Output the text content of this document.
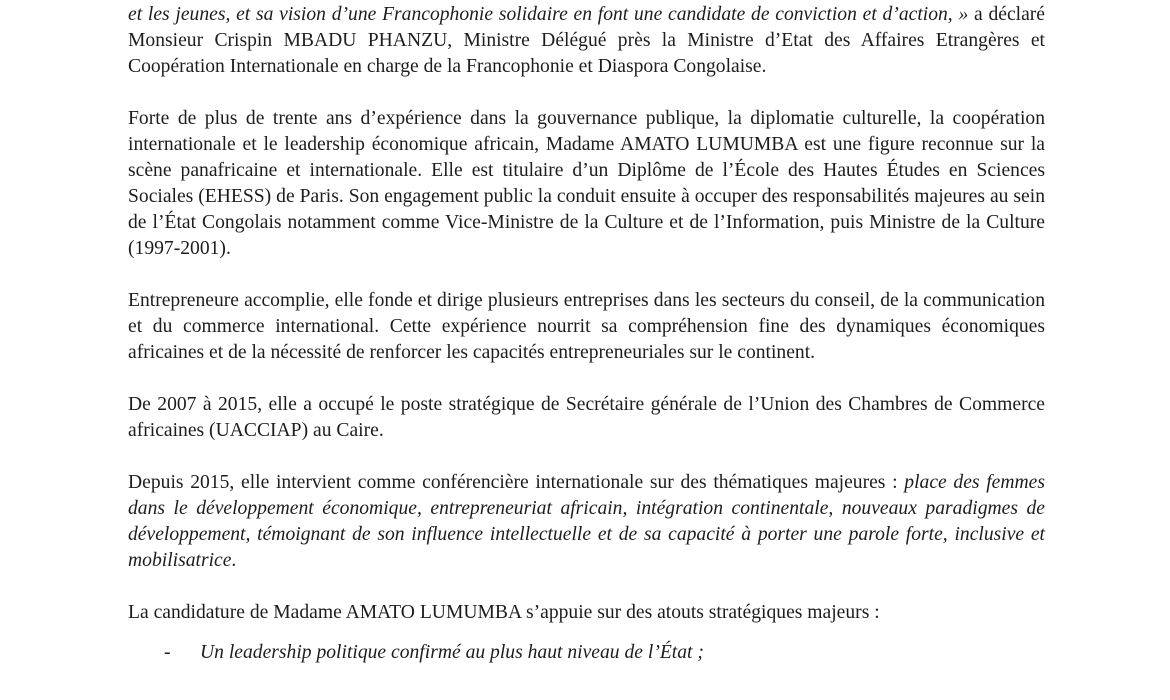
et les jeunes, et sa vision d’une Francophonie solidaire en font une candidate de conviction et d’action, » a déclaré Monsieur Crispin MBADU PHANZU, Ministre Délégué près la Ministre d’Etat des Affaires Etrangères et Coopération Internationale en charge de la Francophonie et Diaspora Congolaise.

Forte de plus de trente ans d’expérience dans la gouvernance publique, la diplomatie culturelle, la coopération internationale et le leadership économique africain, Madame AMATO LUMUMBA est une figure reconnue sur la scène panafricaine et internationale. Elle est titulaire d’un Diplôme de l’École des Hautes Études en Sciences Sociales (EHESS) de Paris. Son engagement public la conduit ensuite à occuper des responsabilités majeures au sein de l’État Congolais notamment comme Vice-Ministre de la Culture et de l’Information, puis Ministre de la Culture (1997-2001).

Entrepreneure accomplie, elle fonde et dirige plusieurs entreprises dans les secteurs du conseil, de la communication et du commerce international. Cette expérience nourrit sa compréhension fine des dynamiques économiques africaines et de la nécessité de renforcer les capacités entrepreneuriales sur le continent.

De 2007 à 2015, elle a occupé le poste stratégique de Secrétaire générale de l’Union des Chambres de Commerce africaines (UACCIAP) au Caire.

Depuis 2015, elle intervient comme conférencière internationale sur des thématiques majeures : place des femmes dans le développement économique, entrepreneuriat africain, intégration continentale, nouveaux paradigmes de développement, témoignant de son influence intellectuelle et de sa capacité à porter une parole forte, inclusive et mobilisatrice.

La candidature de Madame AMATO LUMUMBA s’appuie sur des atouts stratégiques majeurs :

- Un leadership politique confirmé au plus haut niveau de l’État ;
